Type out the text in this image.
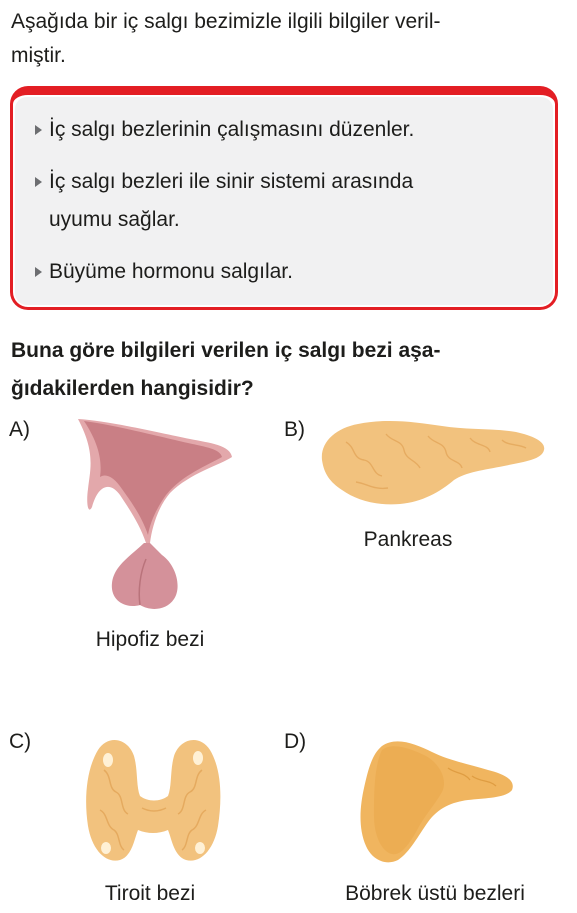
Aşağıda bir iç salgı bezimizle ilgili bilgiler veril-
miştir.
İç salgı bezlerinin çalışmasını düzenler.
İç salgı bezleri ile sinir sistemi arasında
uyumu sağlar.
Büyüme hormonu salgılar.
Buna göre bilgileri verilen iç salgı bezi aşa-
ğıdakilerden hangisidir?
A)
Hipofiz bezi
B)
Pankreas
C)
Tiroit bezi
D)
Böbrek üstü bezleri
